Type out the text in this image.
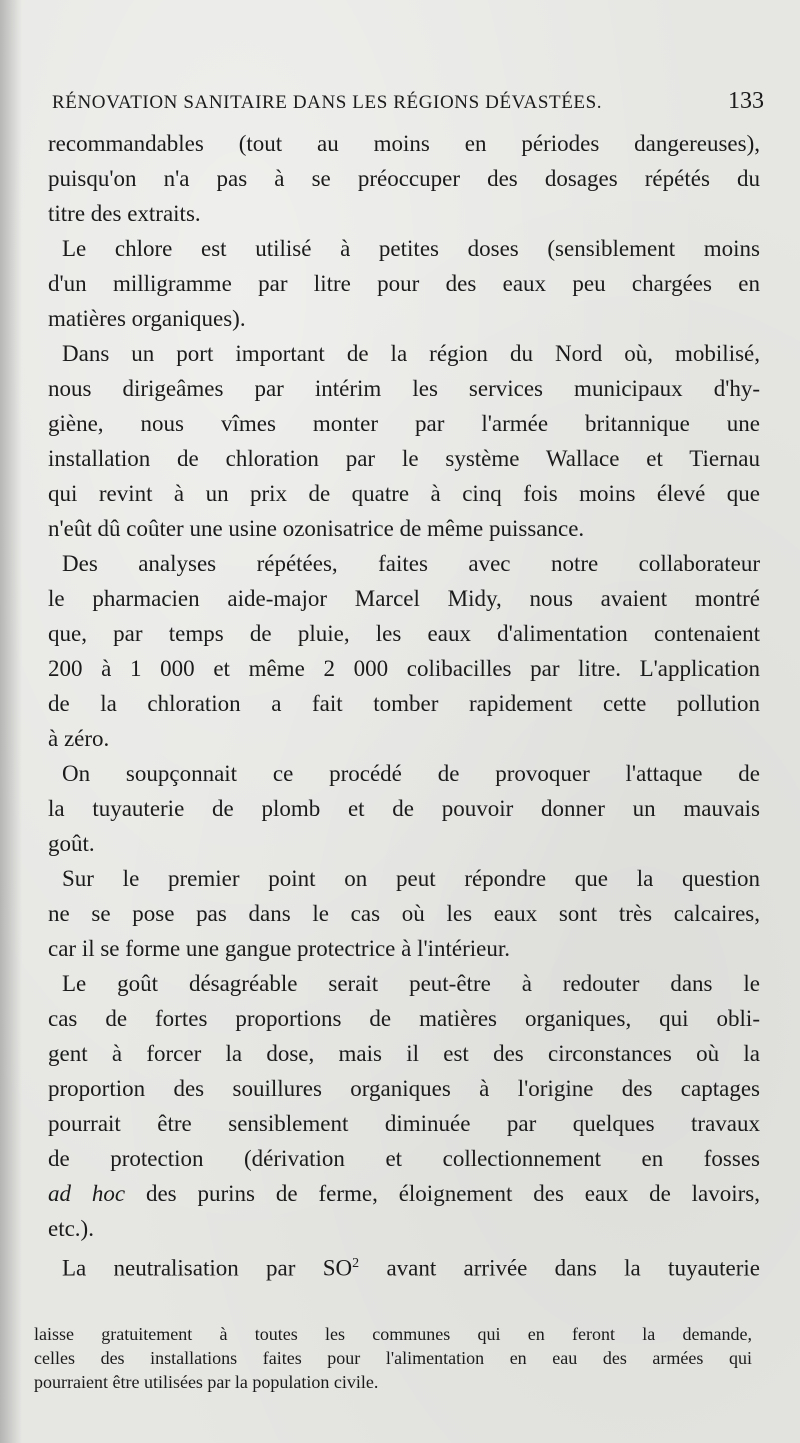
RÉNOVATION SANITAIRE DANS LES RÉGIONS DÉVASTÉES.	133
recommandables (tout au moins en périodes dangereuses),
puisqu'on n'a pas à se préoccuper des dosages répétés du
titre des extraits.
Le chlore est utilisé à petites doses (sensiblement moins
d'un milligramme par litre pour des eaux peu chargées en
matières organiques).
Dans un port important de la région du Nord où, mobilisé,
nous dirigeâmes par intérim les services municipaux d'hy-
giène, nous vîmes monter par l'armée britannique une
installation de chloration par le système Wallace et Tiernau
qui revint à un prix de quatre à cinq fois moins élevé que
n'eût dû coûter une usine ozonisatrice de même puissance.
Des analyses répétées, faites avec notre collaborateur
le pharmacien aide-major Marcel Midy, nous avaient montré
que, par temps de pluie, les eaux d'alimentation contenaient
200 à 1 000 et même 2 000 colibacilles par litre. L'application
de la chloration a fait tomber rapidement cette pollution
à zéro.
On soupçonnait ce procédé de provoquer l'attaque de
la tuyauterie de plomb et de pouvoir donner un mauvais
goût.
Sur le premier point on peut répondre que la question
ne se pose pas dans le cas où les eaux sont très calcaires,
car il se forme une gangue protectrice à l'intérieur.
Le goût désagréable serait peut-être à redouter dans le
cas de fortes proportions de matières organiques, qui obli-
gent à forcer la dose, mais il est des circonstances où la
proportion des souillures organiques à l'origine des captages
pourrait être sensiblement diminuée par quelques travaux
de protection (dérivation et collectionnement en fosses
ad hoc des purins de ferme, éloignement des eaux de lavoirs,
etc.).
La neutralisation par $SO^2$ avant arrivée dans la tuyauterie
laisse gratuitement à toutes les communes qui en feront la demande,
celles des installations faites pour l'alimentation en eau des armées qui
pourraient être utilisées par la population civile.
